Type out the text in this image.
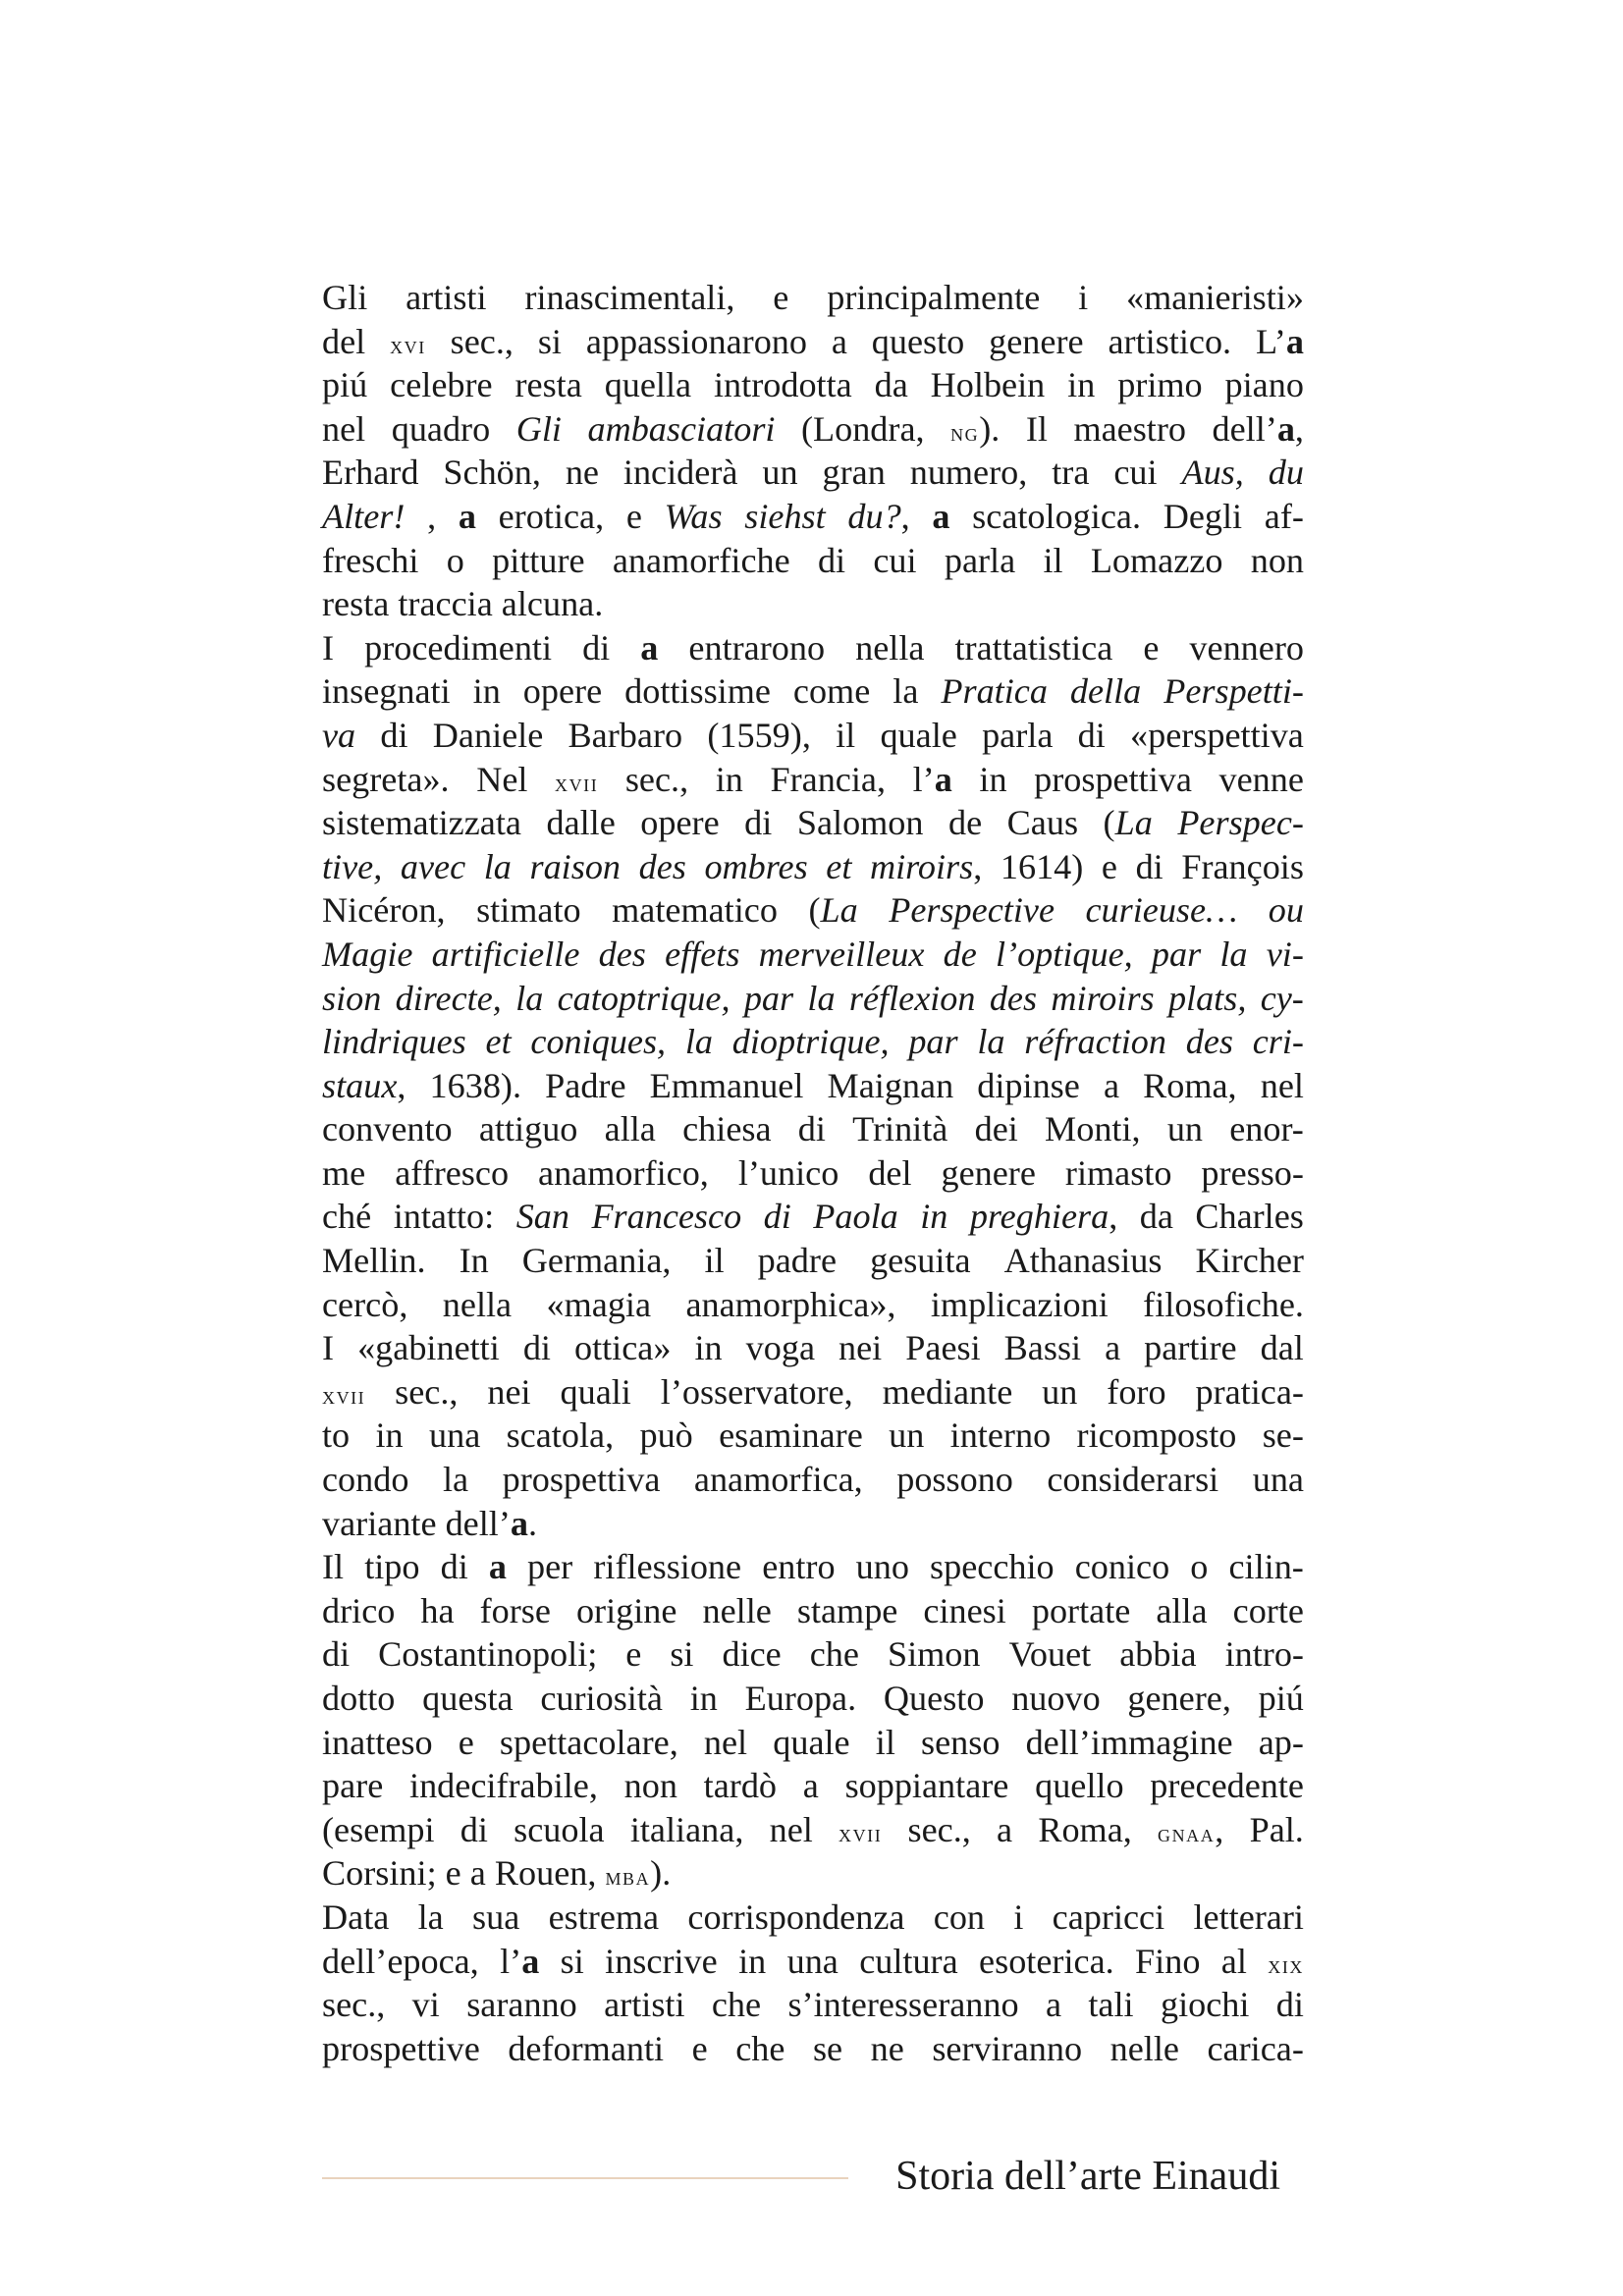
Gli artisti rinascimentali, e principalmente i «manieristi»
del xvi sec., si appassionarono a questo genere artistico. L’a
piú celebre resta quella introdotta da Holbein in primo piano
nel quadro Gli ambasciatori (Londra, ng). Il maestro dell’a,
Erhard Schön, ne inciderà un gran numero, tra cui Aus, du
Alter! , a erotica, e Was siehst du?, a scatologica. Degli af-
freschi o pitture anamorfiche di cui parla il Lomazzo non
resta traccia alcuna.
I procedimenti di a entrarono nella trattatistica e vennero
insegnati in opere dottissime come la Pratica della Perspetti-
va di Daniele Barbaro (1559), il quale parla di «perspettiva
segreta». Nel xvii sec., in Francia, l’a in prospettiva venne
sistematizzata dalle opere di Salomon de Caus (La Perspec-
tive, avec la raison des ombres et miroirs, 1614) e di François
Nicéron, stimato matematico (La Perspective curieuse… ou
Magie artificielle des effets merveilleux de l’optique, par la vi-
sion directe, la catoptrique, par la réflexion des miroirs plats, cy-
lindriques et coniques, la dioptrique, par la réfraction des cri-
staux, 1638). Padre Emmanuel Maignan dipinse a Roma, nel
convento attiguo alla chiesa di Trinità dei Monti, un enor-
me affresco anamorfico, l’unico del genere rimasto presso-
ché intatto: San Francesco di Paola in preghiera, da Charles
Mellin. In Germania, il padre gesuita Athanasius Kircher
cercò, nella «magia anamorphica», implicazioni filosofiche.
I «gabinetti di ottica» in voga nei Paesi Bassi a partire dal
xvii sec., nei quali l’osservatore, mediante un foro pratica-
to in una scatola, può esaminare un interno ricomposto se-
condo la prospettiva anamorfica, possono considerarsi una
variante dell’a.
Il tipo di a per riflessione entro uno specchio conico o cilin-
drico ha forse origine nelle stampe cinesi portate alla corte
di Costantinopoli; e si dice che Simon Vouet abbia intro-
dotto questa curiosità in Europa. Questo nuovo genere, piú
inatteso e spettacolare, nel quale il senso dell’immagine ap-
pare indecifrabile, non tardò a soppiantare quello precedente
(esempi di scuola italiana, nel xvii sec., a Roma, gnaa, Pal.
Corsini; e a Rouen, mba).
Data la sua estrema corrispondenza con i capricci letterari
dell’epoca, l’a si inscrive in una cultura esoterica. Fino al xix
sec., vi saranno artisti che s’interesseranno a tali giochi di
prospettive deformanti e che se ne serviranno nelle carica-
Storia dell’arte Einaudi
